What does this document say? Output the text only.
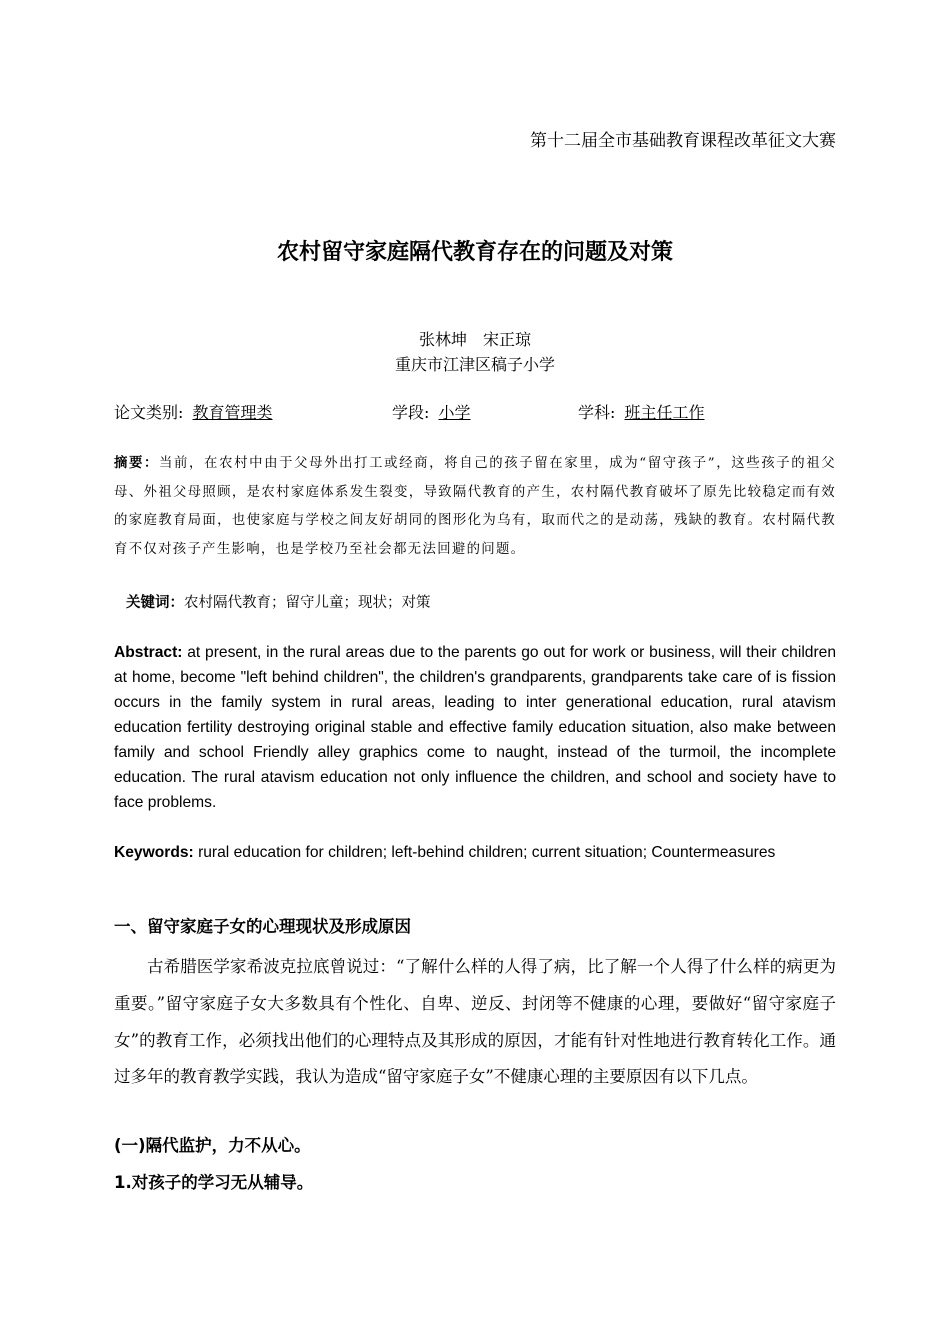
第十二届全市基础教育课程改革征文大赛
农村留守家庭隔代教育存在的问题及对策
张林坤　宋正琼
重庆市江津区稿子小学
论文类别: 教育管理类	学段: 小学	学科: 班主任工作
摘要：当前，在农村中由于父母外出打工或经商，将自己的孩子留在家里，成为“留守孩子”，这些孩子的祖父母、外祖父母照顾，是农村家庭体系发生裂变，导致隔代教育的产生，农村隔代教育破坏了原先比较稳定而有效的家庭教育局面，也使家庭与学校之间友好胡同的图形化为乌有，取而代之的是动荡，残缺的教育。农村隔代教育不仅对孩子产生影响，也是学校乃至社会都无法回避的问题。
关键词：农村隔代教育；留守儿童；现状；对策
Abstract: at present, in the rural areas due to the parents go out for work or business, will their children at home, become "left behind children", the children's grandparents, grandparents take care of is fission occurs in the family system in rural areas, leading to inter generational education, rural atavism education fertility destroying original stable and effective family education situation, also make between family and school Friendly alley graphics come to naught, instead of the turmoil, the incomplete education. The rural atavism education not only influence the children, and school and society have to face problems.
Keywords: rural education for children; left-behind children; current situation; Countermeasures
一、留守家庭子女的心理现状及形成原因
古希腊医学家希波克拉底曾说过：“了解什么样的人得了病，比了解一个人得了什么样的病更为重要。”留守家庭子女大多数具有个性化、自卑、逆反、封闭等不健康的心理，要做好“留守家庭子女”的教育工作，必须找出他们的心理特点及其形成的原因，才能有针对性地进行教育转化工作。通过多年的教育教学实践，我认为造成“留守家庭子女”不健康心理的主要原因有以下几点。
(一)隔代监护，力不从心。
1.对孩子的学习无从辅导。
